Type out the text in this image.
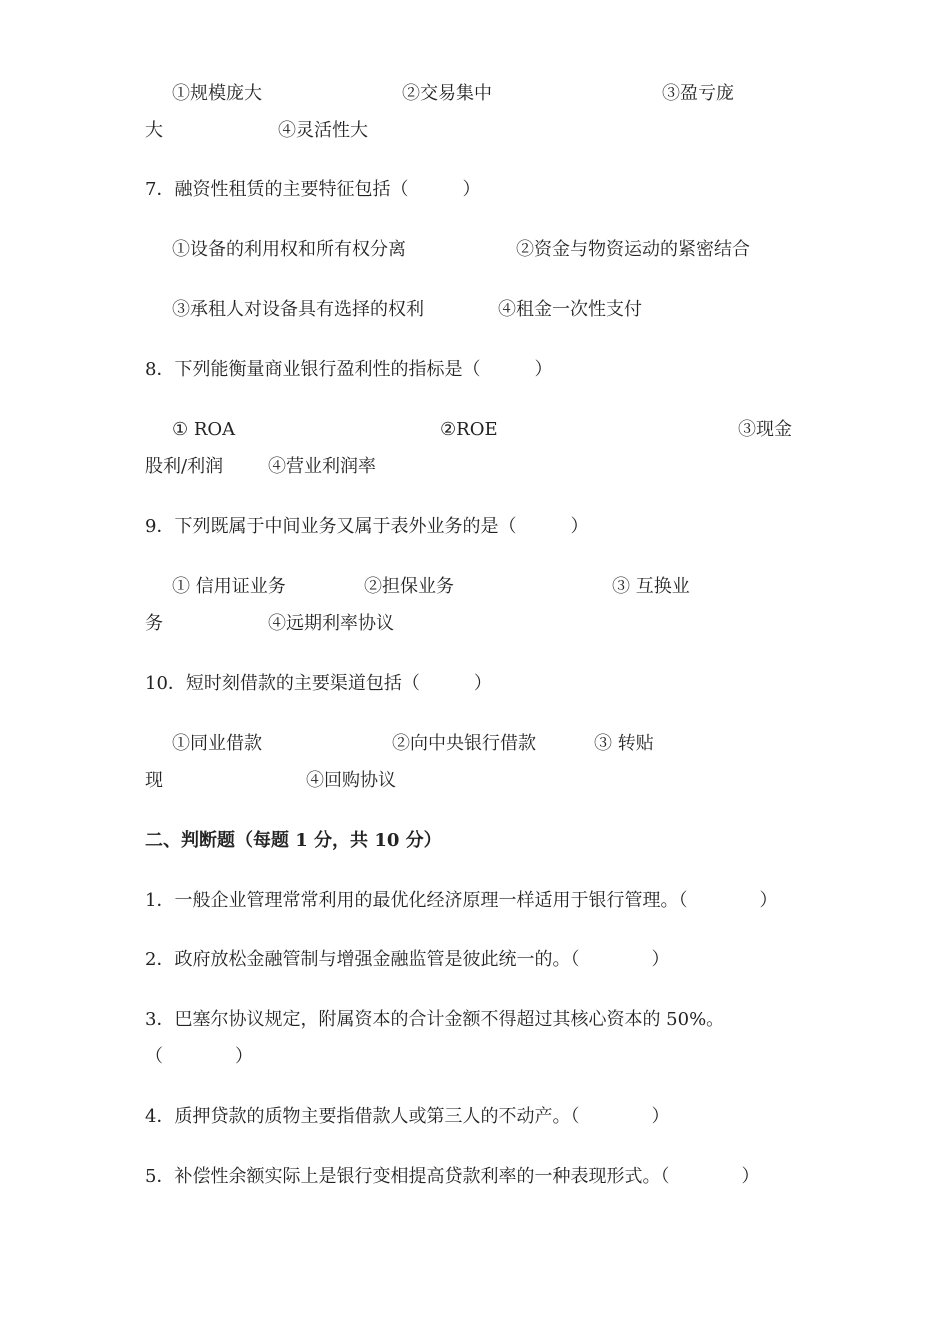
①规模庞大	②交易集中	③盈亏庞
大	④灵活性大
7．融资性租赁的主要特征包括（　　　）
①设备的利用权和所有权分离	②资金与物资运动的紧密结合
③承租人对设备具有选择的权利	④租金一次性支付
8．下列能衡量商业银行盈利性的指标是（　　　）
① ROA	②ROE	③现金
股利/利润 ④营业利润率
9．下列既属于中间业务又属于表外业务的是（　　　）
① 信用证业务	②担保业务	③ 互换业
务	④远期利率协议
10．短时刻借款的主要渠道包括（　　　）
①同业借款	②向中央银行借款	③ 转贴
现	④回购协议
二、判断题（每题 1 分，共 10 分）
1．一般企业管理常常利用的最优化经济原理一样适用于银行管理。（　　　　）
2．政府放松金融管制与增强金融监管是彼此统一的。（　　　　）
3．巴塞尔协议规定，附属资本的合计金额不得超过其核心资本的 50%。
（　　　　）
4．质押贷款的质物主要指借款人或第三人的不动产。（　　　　）
5．补偿性余额实际上是银行变相提高贷款利率的一种表现形式。（　　　　）
